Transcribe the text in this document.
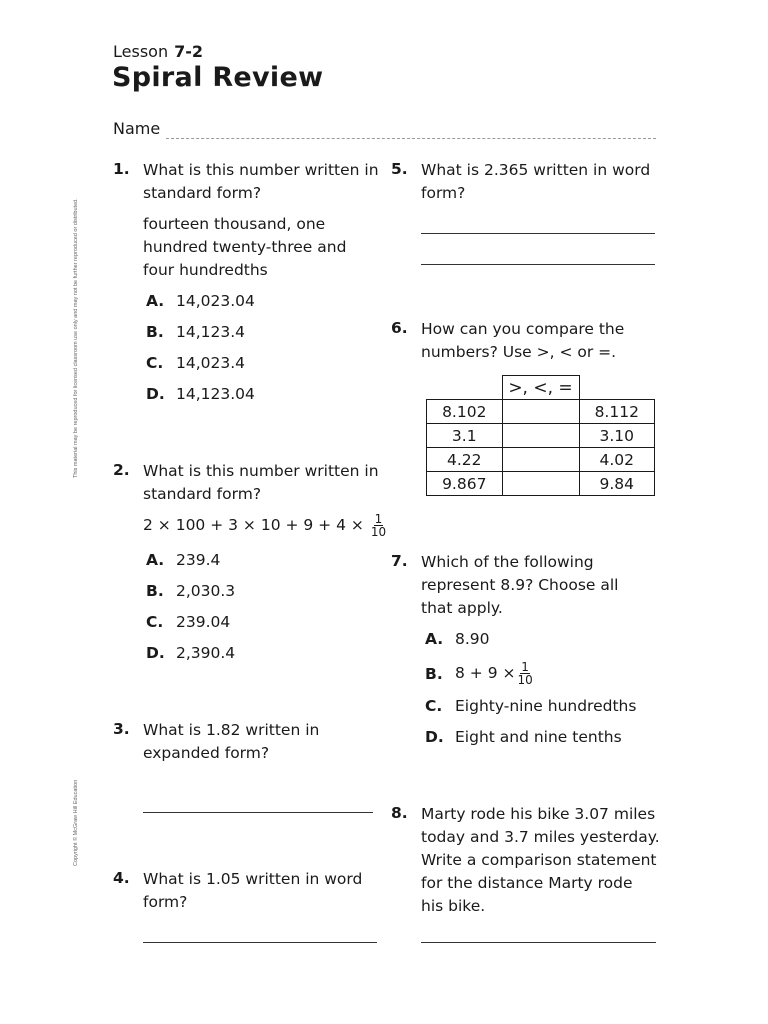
Lesson 7-2
Spiral Review
Name
This material may be reproduced for licensed classroom use only and may not be further reproduced or distributed.
Copyright © McGraw Hill Education
1. What is this number written in
standard form?
fourteen thousand, one
hundred twenty-three and
four hundredths
A. 14,023.04
B. 14,123.4
C. 14,023.4
D. 14,123.04
2. What is this number written in
standard form?
$2 \times 100 + 3 \times 10 + 9 + 4 \times \frac{1}{10}$
A. 239.4
B. 2,030.3
C. 239.04
D. 2,390.4
3. What is 1.82 written in
expanded form?
4. What is 1.05 written in word
form?
5. What is 2.365 written in word
form?
6. How can you compare the
numbers? Use >, < or =.
	>, <, =	
8.102		8.112
3.1		3.10
4.22		4.02
9.867		9.84
7. Which of the following
represent 8.9? Choose all
that apply.
A. 8.90
B. $8 + 9 \times \frac{1}{10}$
C. Eighty-nine hundredths
D. Eight and nine tenths
8. Marty rode his bike 3.07 miles
today and 3.7 miles yesterday.
Write a comparison statement
for the distance Marty rode
his bike.
